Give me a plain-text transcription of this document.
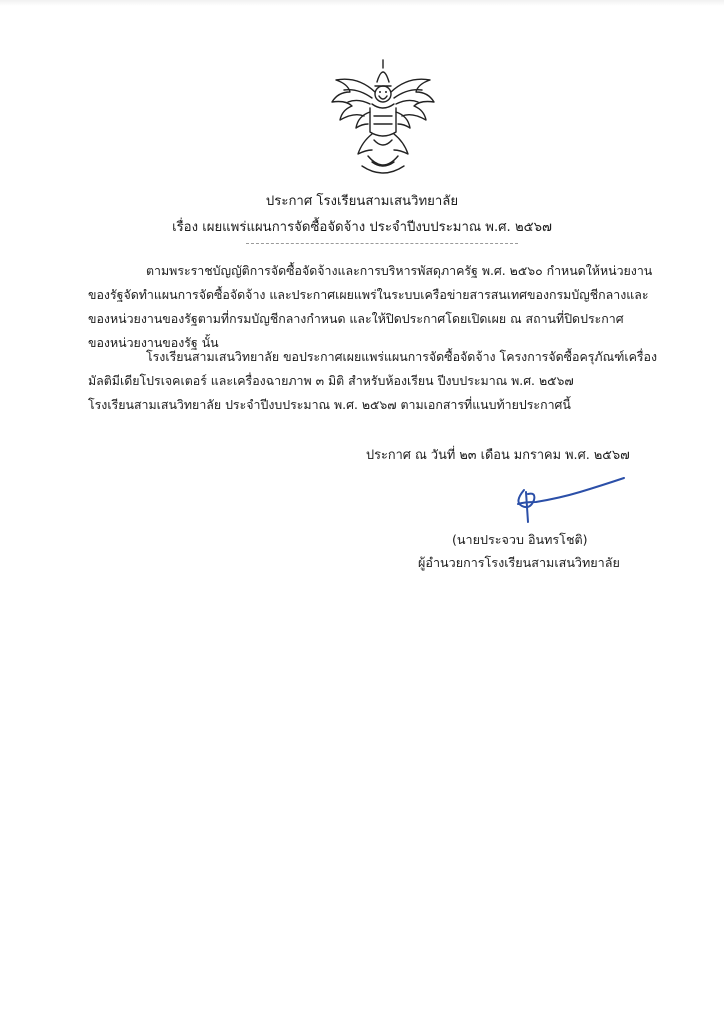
ประกาศ โรงเรียนสามเสนวิทยาลัย
เรื่อง เผยแพร่แผนการจัดซื้อจัดจ้าง ประจำปีงบประมาณ พ.ศ. ๒๕๖๗
ตามพระราชบัญญัติการจัดซื้อจัดจ้างและการบริหารพัสดุภาครัฐ พ.ศ. ๒๕๖๐ กำหนดให้หน่วยงาน
ของรัฐจัดทำแผนการจัดซื้อจัดจ้าง และประกาศเผยแพร่ในระบบเครือข่ายสารสนเทศของกรมบัญชีกลางและ
ของหน่วยงานของรัฐตามที่กรมบัญชีกลางกำหนด และให้ปิดประกาศโดยเปิดเผย ณ สถานที่ปิดประกาศ
ของหน่วยงานของรัฐ นั้น
โรงเรียนสามเสนวิทยาลัย ขอประกาศเผยแพร่แผนการจัดซื้อจัดจ้าง โครงการจัดซื้อครุภัณฑ์เครื่อง
มัลติมีเดียโปรเจคเตอร์ และเครื่องฉายภาพ ๓ มิติ สำหรับห้องเรียน ปีงบประมาณ พ.ศ. ๒๕๖๗
โรงเรียนสามเสนวิทยาลัย ประจำปีงบประมาณ พ.ศ. ๒๕๖๗ ตามเอกสารที่แนบท้ายประกาศนี้
ประกาศ ณ วันที่ ๒๓ เดือน มกราคม พ.ศ. ๒๕๖๗
(นายประจวบ อินทรโชติ)
ผู้อำนวยการโรงเรียนสามเสนวิทยาลัย
